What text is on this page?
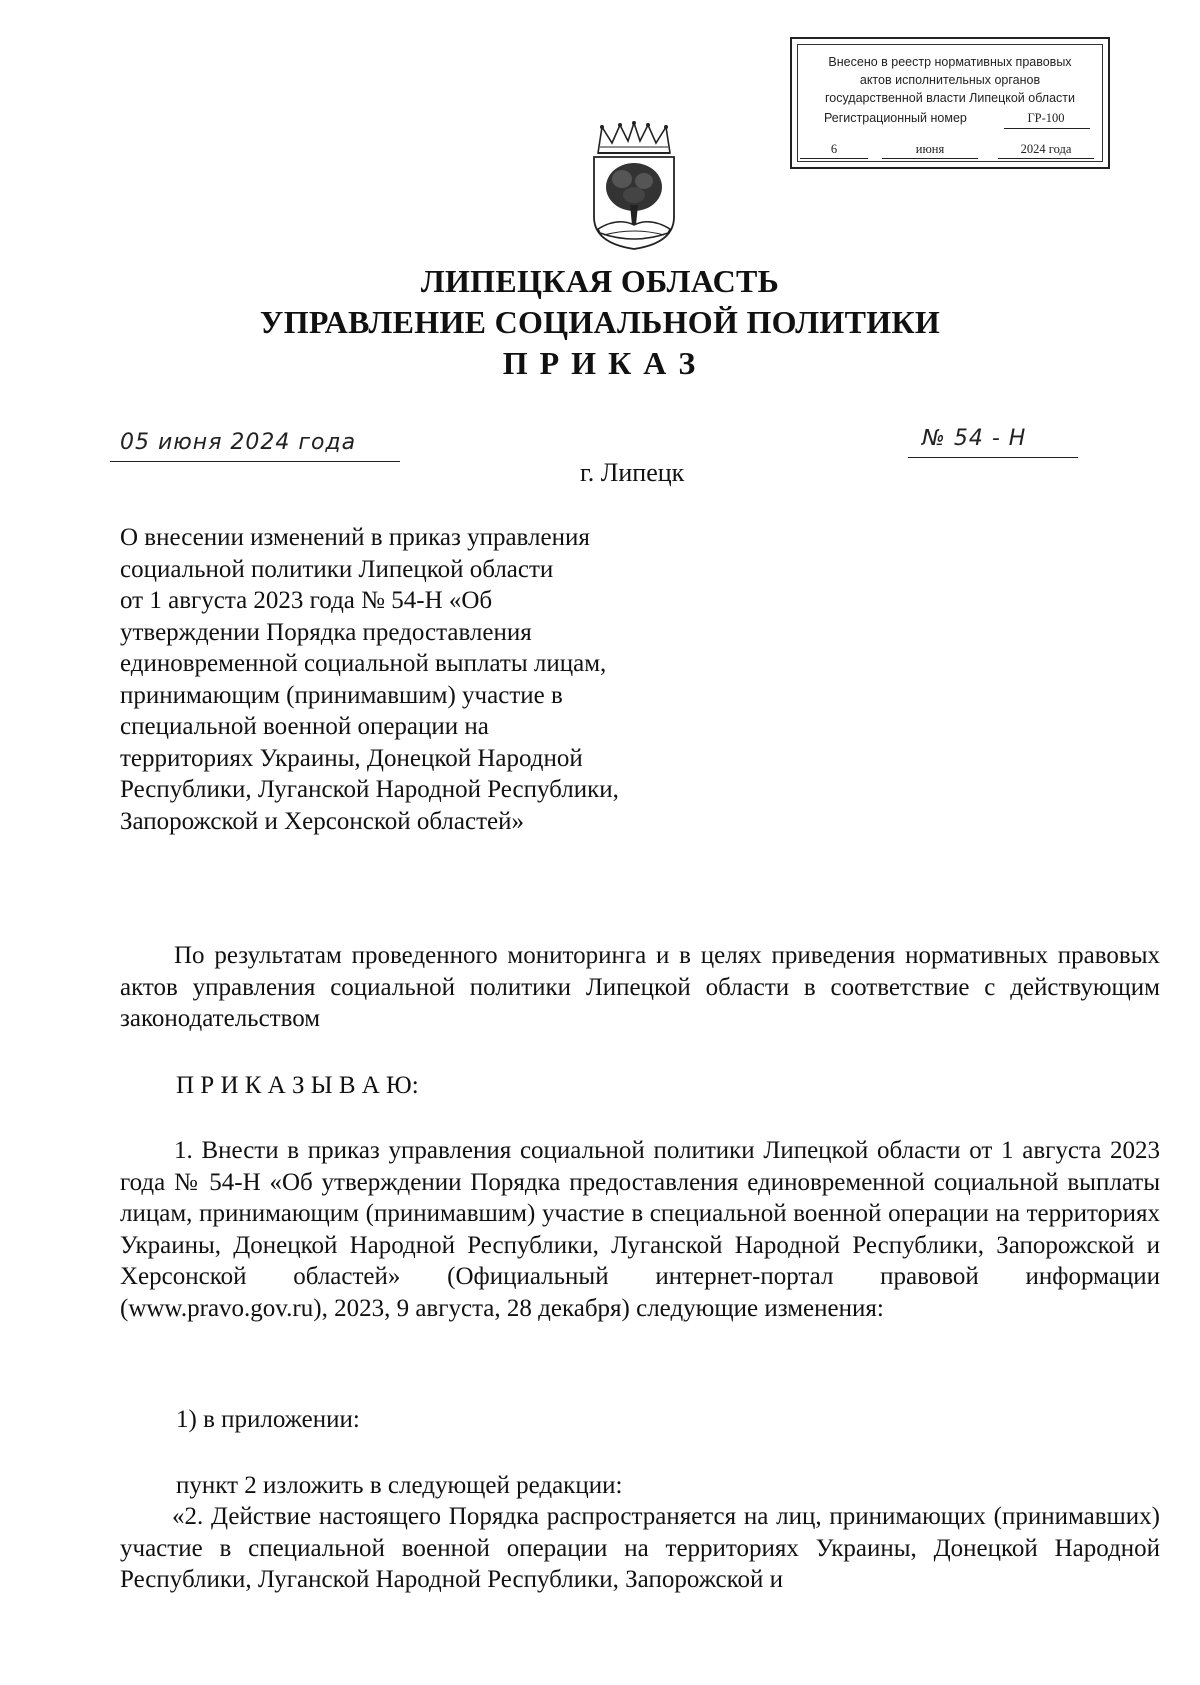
Внесено в реестр нормативных правовых
актов исполнительных органов
государственной власти Липецкой области
Регистрационный номер	ГР-100
6	июня	2024 года
ЛИПЕЦКАЯ ОБЛАСТЬ
УПРАВЛЕНИЕ СОЦИАЛЬНОЙ ПОЛИТИКИ
П Р И К А З
05 июня 2024 года	№ 54 - Н
г. Липецк
О внесении изменений в приказ управления
социальной политики Липецкой области
от 1 августа 2023 года № 54-Н «Об
утверждении Порядка предоставления
единовременной социальной выплаты лицам,
принимающим (принимавшим) участие в
специальной военной операции на
территориях Украины, Донецкой Народной
Республики, Луганской Народной Республики,
Запорожской и Херсонской областей»
По результатам проведенного мониторинга и в целях приведения нормативных правовых актов управления социальной политики Липецкой области в соответствие с действующим законодательством
П Р И К А З Ы В А Ю:
1. Внести в приказ управления социальной политики Липецкой области от 1 августа 2023 года № 54-Н «Об утверждении Порядка предоставления единовременной социальной выплаты лицам, принимающим (принимавшим) участие в специальной военной операции на территориях Украины, Донецкой Народной Республики, Луганской Народной Республики, Запорожской и Херсонской областей» (Официальный интернет-портал правовой информации (www.pravo.gov.ru), 2023, 9 августа, 28 декабря) следующие изменения:
1) в приложении:
пункт 2 изложить в следующей редакции:
«2. Действие настоящего Порядка распространяется на лиц, принимающих (принимавших) участие в специальной военной операции на территориях Украины, Донецкой Народной Республики, Луганской Народной Республики, Запорожской и
